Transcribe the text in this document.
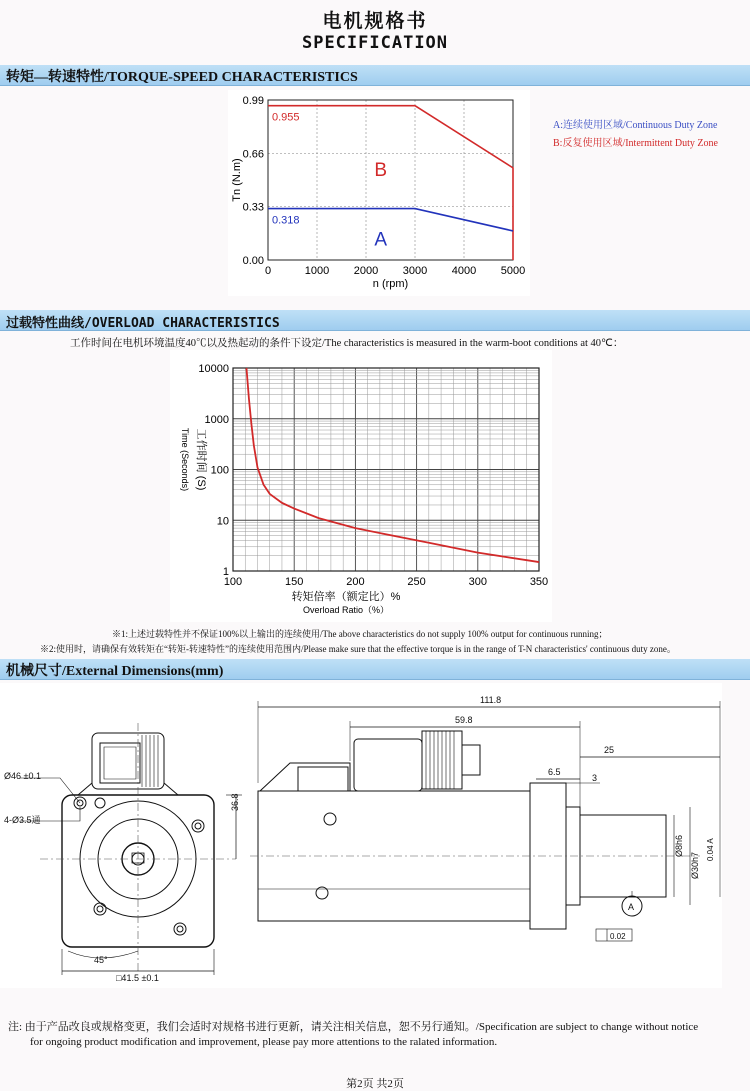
电机规格书
SPECIFICATION
转矩—转速特性/TORQUE-SPEED CHARACTERISTICS
0	1000 2000 3000 4000 5000
0.00
0.33
0.66
0.99
n (rpm)
Tn (N.m)
0.955
0.318
B
A
A:连续使用区域/Continuous Duty Zone
B:反复使用区域/Intermittent Duty Zone
过载特性曲线/OVERLOAD CHARACTERISTICS
工作时间在电机环境温度40℃以及热起动的条件下设定/The characteristics is measured in the warm-boot conditions at 40℃：
100	150	200	250	300	350
1
10
100
1000
10000
转矩倍率（额定比）%
Overload Ratio（%）
Time (Seconds) 工作时间 (S)
※1:上述过载特性并不保证100%以上输出的连续使用/The above characteristics do not supply 100% output for continuous running；
※2:使用时，请确保有效转矩在“转矩-转速特性”的连续使用范围内/Please make sure that the effective torque is in the range of T-N characteristics' continuous duty zone。
机械尺寸/External Dimensions(mm)
Ø46 ±0.1
4-Ø3.5通
36.8
45°
□41.5 ±0.1
111.8
59.8
25
6.5
3
Ø8h6
Ø30h7
0.04 A
A
0.02
注: 由于产品改良或规格变更，我们会适时对规格书进行更新，请关注相关信息，恕不另行通知。/Specification are subject to change without notice
for ongoing product modification and improvement, please pay more attentions to the ralated information.
第2页 共2页
